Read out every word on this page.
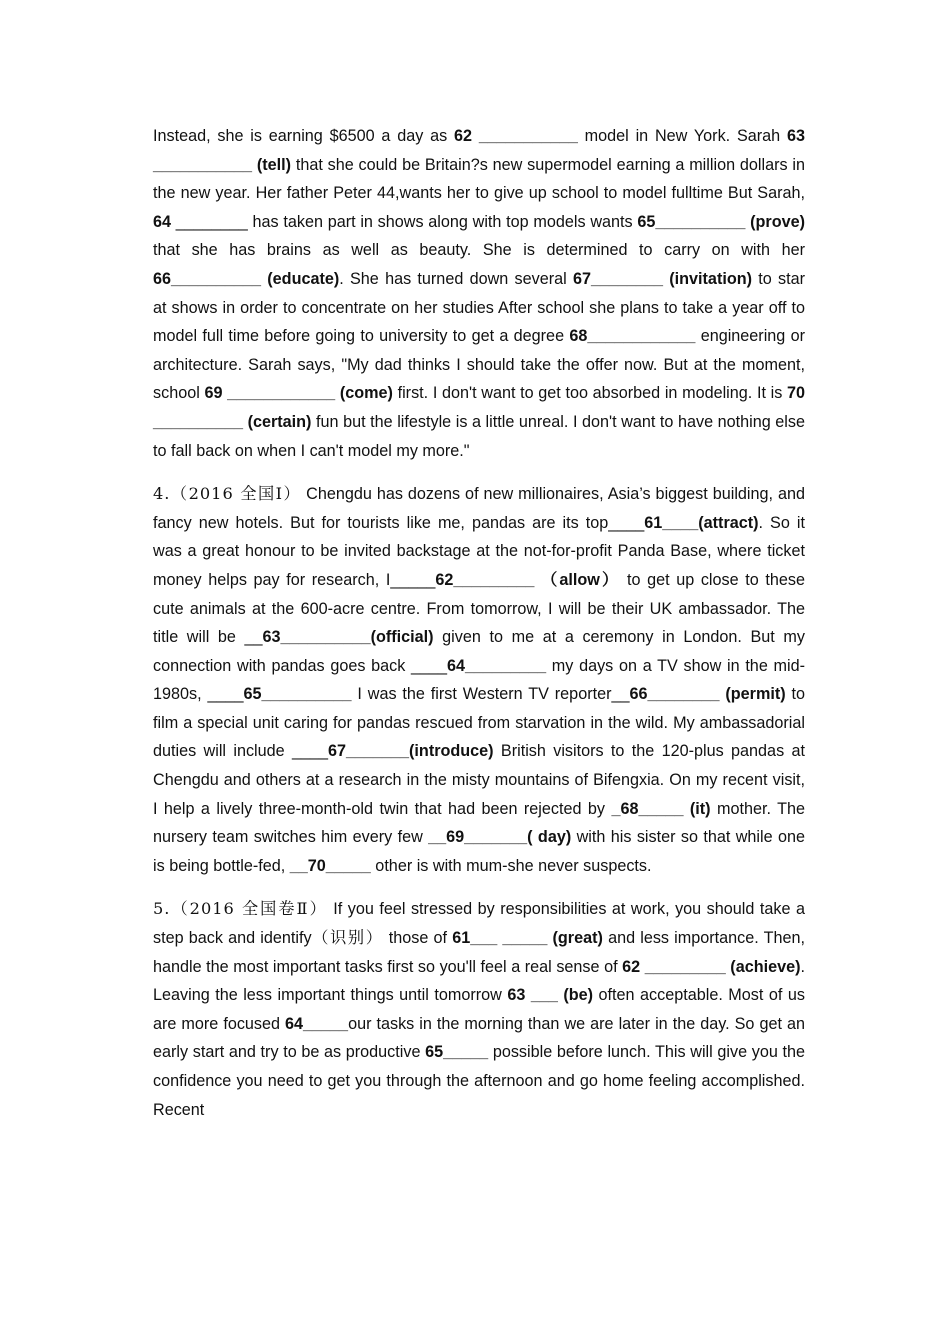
Instead, she is earning $6500 a day as 62 ___________ model in New York. Sarah 63 ___________ (tell) that she could be Britain?s new supermodel earning a million dollars in the new year. Her father Peter 44,wants her to give up school to model fulltime But Sarah, 64 ________ has taken part in shows along with top models wants 65__________ (prove) that she has brains as well as beauty. She is determined to carry on with her 66__________ (educate). She has turned down several 67________ (invitation) to star at shows in order to concentrate on her studies After school she plans to take a year off to model full time before going to university to get a degree 68____________ engineering or architecture. Sarah says, "My dad thinks I should take the offer now. But at the moment, school 69 ____________ (come) first. I don't want to get too absorbed in modeling. It is 70 __________ (certain) fun but the lifestyle is a little unreal. I don't want to have nothing else to fall back on when I can't model my more."

4.（2016 全国Ⅰ） Chengdu has dozens of new millionaires, Asia’s biggest building, and fancy new hotels. But for tourists like me, pandas are its top____61____(attract). So it was a great honour to be invited backstage at the not-for-profit Panda Base, where ticket money helps pay for research, I_____62_________ （allow） to get up close to these cute animals at the 600-acre centre. From tomorrow, I will be their UK ambassador. The title will be __63__________(official) given to me at a ceremony in London. But my connection with pandas goes back ____64_________ my days on a TV show in the mid-1980s, ____65__________ I was the first Western TV reporter__66________ (permit) to film a special unit caring for pandas rescued from starvation in the wild. My ambassadorial duties will include ____67_______(introduce) British visitors to the 120-plus pandas at Chengdu and others at a research in the misty mountains of Bifengxia. On my recent visit, I help a lively three-month-old twin that had been rejected by _68_____ (it) mother. The nursery team switches him every few __69_______( day) with his sister so that while one is being bottle-fed, __70_____ other is with mum-she never suspects.

5.（2016 全国卷Ⅱ） If you feel stressed by responsibilities at work, you should take a step back and identify（识别） those of 61___ _____ (great) and less importance. Then, handle the most important tasks first so you'll feel a real sense of 62 _________ (achieve). Leaving the less important things until tomorrow 63 ___ (be) often acceptable. Most of us are more focused 64_____our tasks in the morning than we are later in the day. So get an early start and try to be as productive 65_____ possible before lunch. This will give you the confidence you need to get you through the afternoon and go home feeling accomplished. Recent
